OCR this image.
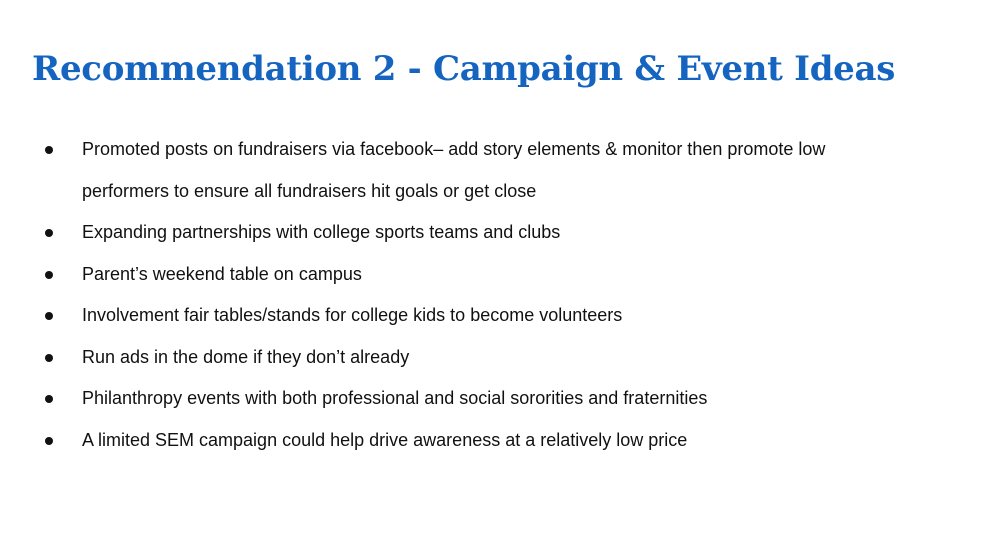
Recommendation 2 - Campaign & Event Ideas
Promoted posts on fundraisers via facebook– add story elements & monitor then promote low performers to ensure all fundraisers hit goals or get close
Expanding partnerships with college sports teams and clubs
Parent’s weekend table on campus
Involvement fair tables/stands for college kids to become volunteers
Run ads in the dome if they don’t already
Philanthropy events with both professional and social sororities and fraternities
A limited SEM campaign could help drive awareness at a relatively low price
